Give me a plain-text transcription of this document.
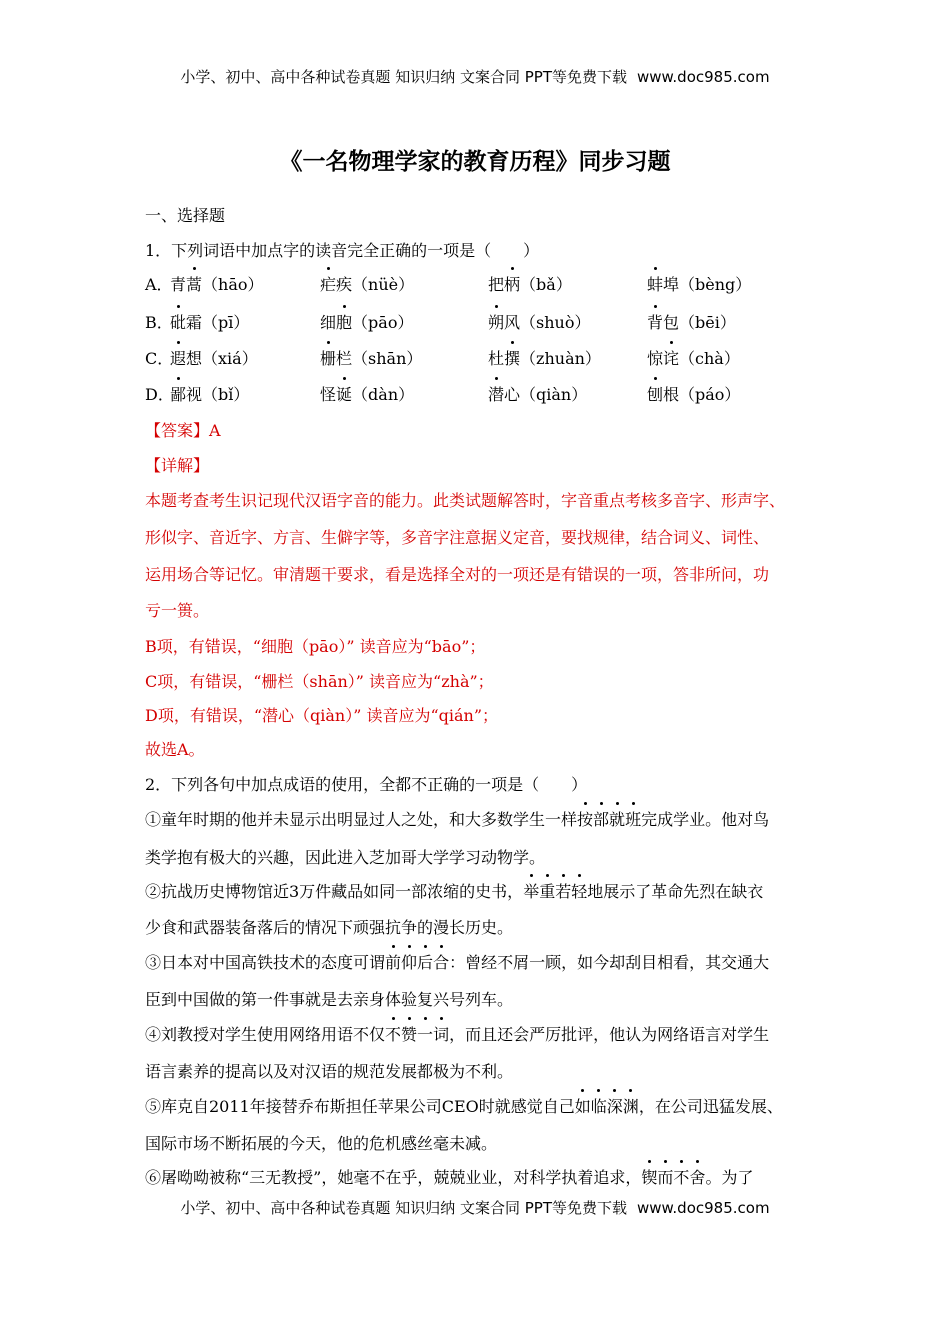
小学、初中、高中各种试卷真题 知识归纳 文案合同 PPT等免费下载 www.doc985.com
《一名物理学家的教育历程》同步习题
一、选择题
1．下列词语中加点字的读音完全正确的一项是（　　）
A．
青蒿（hāo）	疟疾（nüè）	把柄（bǎ）	蚌埠（bèng）
B．
砒霜（pī）	细胞（pāo）	朔风（shuò）	背包（bēi）
C．
遐想（xiá）	栅栏（shān）	杜撰（zhuàn）	惊诧（chà）
D．
鄙视（bǐ）	怪诞（dàn）	潜心（qiàn）	刨根（páo）
【答案】A
【详解】
本题考查考生识记现代汉语字音的能力。此类试题解答时，字音重点考核多音字、形声字、
形似字、音近字、方言、生僻字等，多音字注意据义定音，要找规律，结合词义、词性、
运用场合等记忆。审清题干要求，看是选择全对的一项还是有错误的一项，答非所问，功
亏一篑。
B项，有错误，“细胞（pāo）” 读音应为“bāo”；
C项，有错误，“栅栏（shān）” 读音应为“zhà”；
D项，有错误，“潜心（qiàn）” 读音应为“qián”；
故选A。
2．下列各句中加点成语的使用，全都不正确的一项是（　　）
①童年时期的他并未显示出明显过人之处，和大多数学生一样按部就班完成学业。他对鸟
类学抱有极大的兴趣，因此进入芝加哥大学学习动物学。
②抗战历史博物馆近3万件藏品如同一部浓缩的史书，举重若轻地展示了革命先烈在缺衣
少食和武器装备落后的情况下顽强抗争的漫长历史。
③日本对中国高铁技术的态度可谓前仰后合：曾经不屑一顾，如今却刮目相看，其交通大
臣到中国做的第一件事就是去亲身体验复兴号列车。
④刘教授对学生使用网络用语不仅不赞一词，而且还会严厉批评，他认为网络语言对学生
语言素养的提高以及对汉语的规范发展都极为不利。
⑤库克自2011年接替乔布斯担任苹果公司CEO时就感觉自己如临深渊，在公司迅猛发展、
国际市场不断拓展的今天，他的危机感丝毫未减。
⑥屠呦呦被称“三无教授”，她毫不在乎，兢兢业业，对科学执着追求，锲而不舍。为了
小学、初中、高中各种试卷真题 知识归纳 文案合同 PPT等免费下载 www.doc985.com
